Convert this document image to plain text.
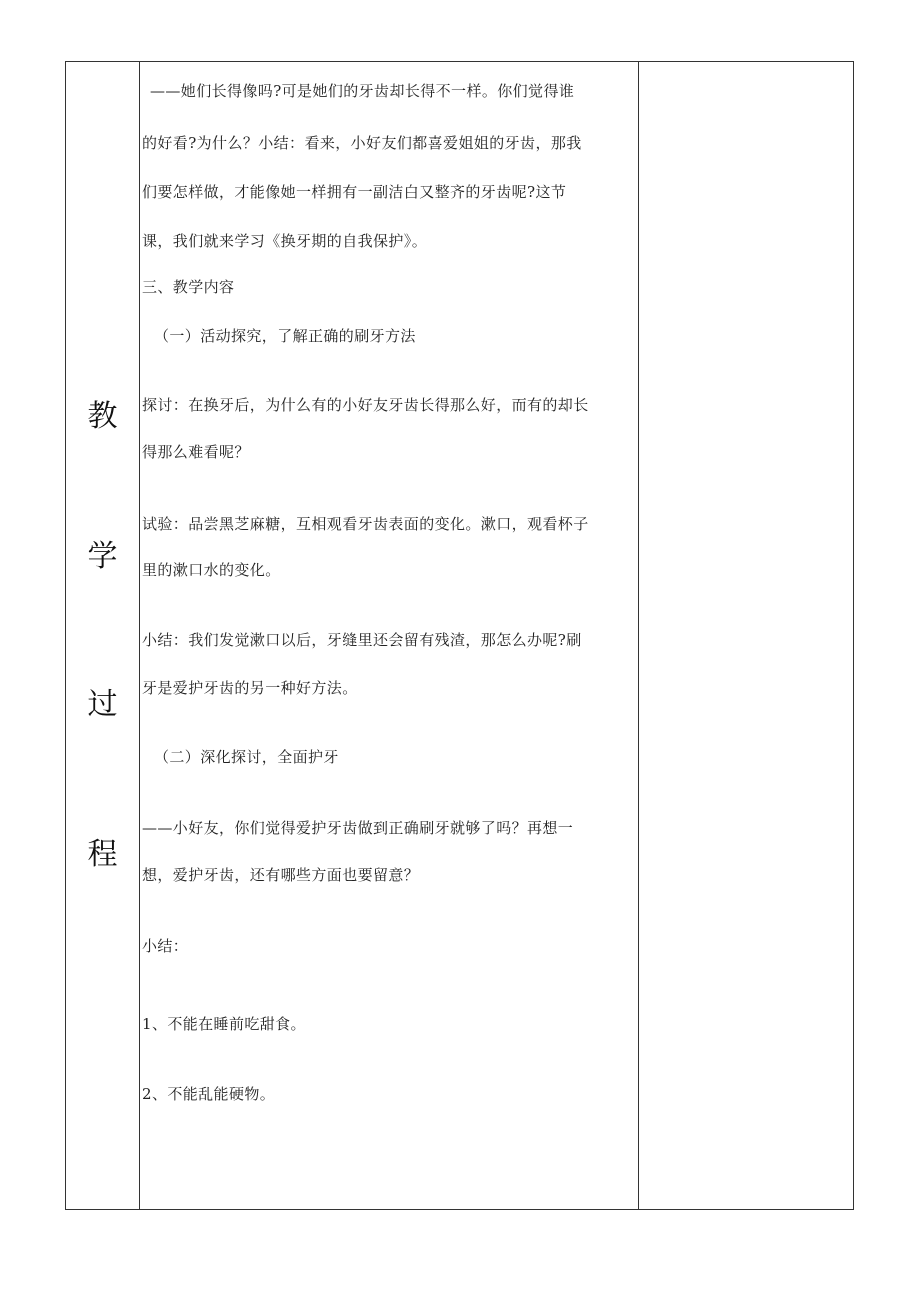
教
学
过
程
——她们长得像吗?可是她们的牙齿却长得不一样。你们觉得谁
的好看?为什么？小结：看来，小好友们都喜爱姐姐的牙齿，那我
们要怎样做，才能像她一样拥有一副洁白又整齐的牙齿呢?这节
课，我们就来学习《换牙期的自我保护》。
三、教学内容
（一）活动探究，了解正确的刷牙方法
探讨：在换牙后，为什么有的小好友牙齿长得那么好，而有的却长
得那么难看呢？
试验：品尝黑芝麻糖，互相观看牙齿表面的变化。漱口，观看杯子
里的漱口水的变化。
小结：我们发觉漱口以后，牙缝里还会留有残渣，那怎么办呢?刷
牙是爱护牙齿的另一种好方法。
（二）深化探讨，全面护牙
——小好友，你们觉得爱护牙齿做到正确刷牙就够了吗？再想一
想，爱护牙齿，还有哪些方面也要留意？
小结：
1、不能在睡前吃甜食。
2、不能乱能硬物。
